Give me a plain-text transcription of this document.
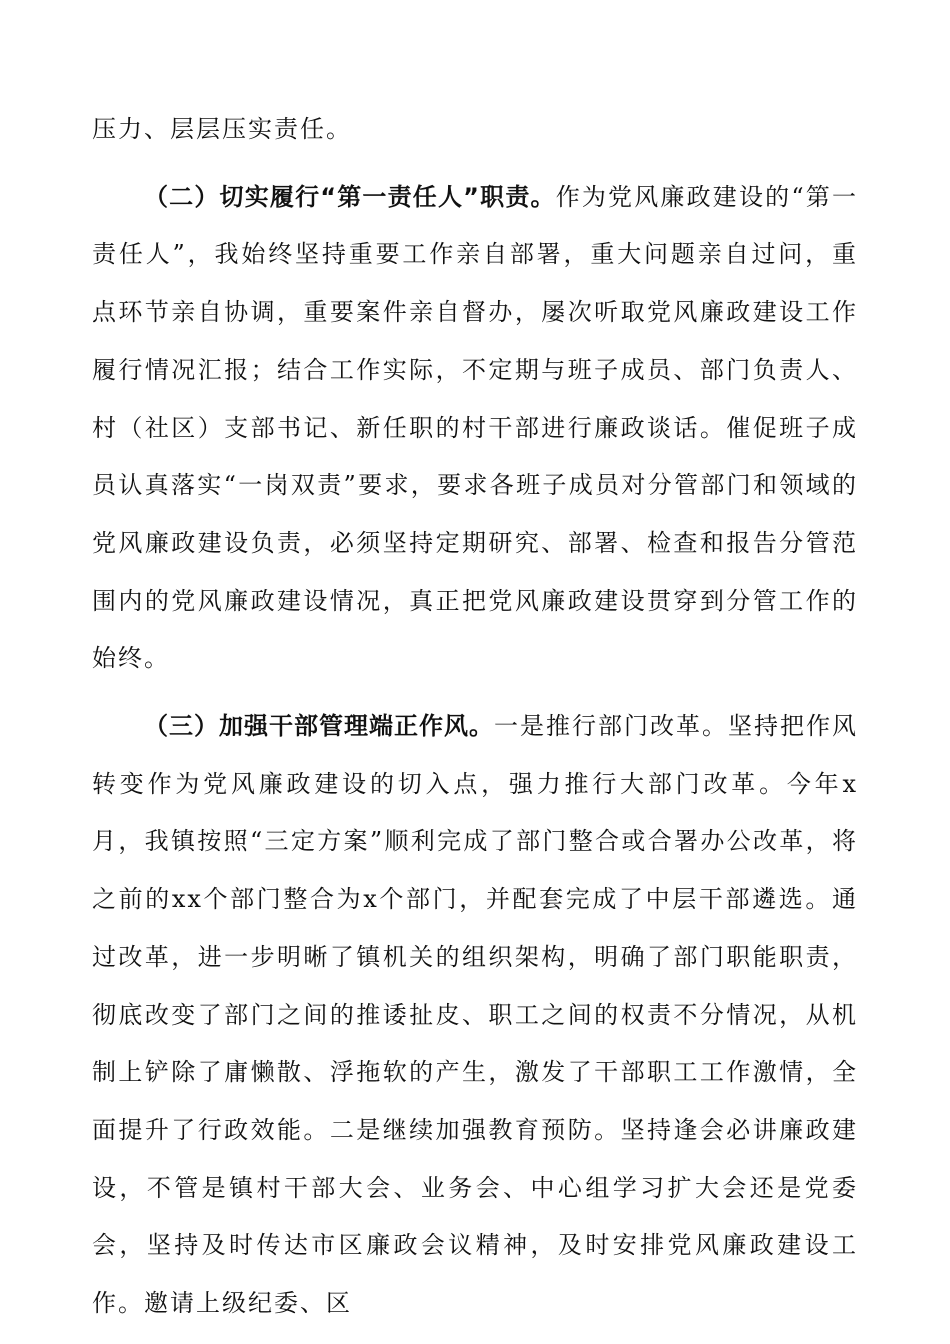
压力、层层压实责任。

（二）切实履行“第一责任人”职责。作为党风廉政建设的“第一责任人”，我始终坚持重要工作亲自部署，重大问题亲自过问，重点环节亲自协调，重要案件亲自督办，屡次听取党风廉政建设工作履行情况汇报；结合工作实际，不定期与班子成员、部门负责人、村（社区）支部书记、新任职的村干部进行廉政谈话。催促班子成员认真落实“一岗双责”要求，要求各班子成员对分管部门和领域的党风廉政建设负责，必须坚持定期研究、部署、检查和报告分管范围内的党风廉政建设情况，真正把党风廉政建设贯穿到分管工作的始终。

（三）加强干部管理端正作风。一是推行部门改革。坚持把作风转变作为党风廉政建设的切入点，强力推行大部门改革。今年x月，我镇按照“三定方案”顺利完成了部门整合或合署办公改革，将之前的xx个部门整合为x个部门，并配套完成了中层干部遴选。通过改革，进一步明晰了镇机关的组织架构，明确了部门职能职责，彻底改变了部门之间的推诿扯皮、职工之间的权责不分情况，从机制上铲除了庸懒散、浮拖软的产生，激发了干部职工工作激情，全面提升了行政效能。二是继续加强教育预防。坚持逢会必讲廉政建设，不管是镇村干部大会、业务会、中心组学习扩大会还是党委会，坚持及时传达市区廉政会议精神，及时安排党风廉政建设工作。邀请上级纪委、区
